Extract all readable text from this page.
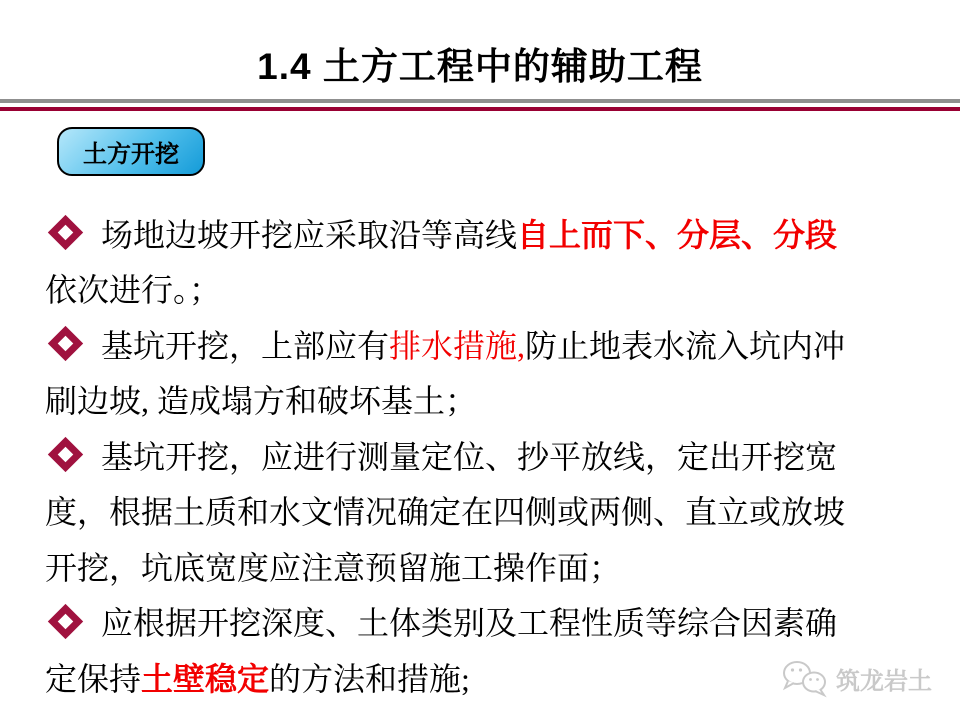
1.4 土方工程中的辅助工程
土方开挖
场地边坡开挖应采取沿等高线 自上而下、分层、分段
依次进行。；
基坑开挖，上部应有 排水措施, 防止地表水流入坑内冲
刷边坡, 造成塌方和破坏基土；
基坑开挖，应进行测量定位、抄平放线，定出开挖宽
度，根据土质和水文情况确定在四侧或两侧、直立或放坡
开挖，坑底宽度应注意预留施工操作面；
应根据开挖深度、土体类别及工程性质等综合因素确
定保持 土壁稳定 的方法和措施;	筑龙岩土
